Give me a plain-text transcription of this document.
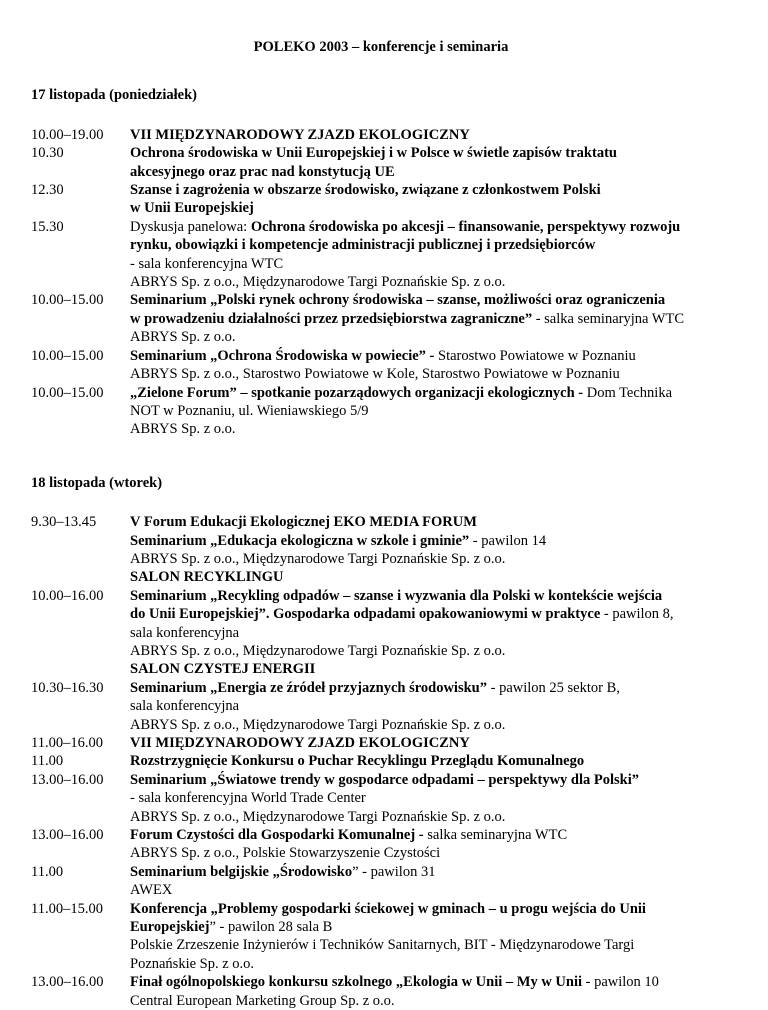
POLEKO 2003 – konferencje i seminaria
17 listopada (poniedziałek)
10.00–19.00	VII MIĘDZYNARODOWY ZJAZD EKOLOGICZNY
10.30	Ochrona środowiska w Unii Europejskiej i w Polsce w świetle zapisów traktatu
akcesyjnego oraz prac nad konstytucją UE
12.30	Szanse i zagrożenia w obszarze środowisko, związane z członkostwem Polski
w Unii Europejskiej
15.30	Dyskusja panelowa: Ochrona środowiska po akcesji – finansowanie, perspektywy rozwoju
rynku, obowiązki i kompetencje administracji publicznej i przedsiębiorców
- sala konferencyjna WTC
ABRYS Sp. z o.o., Międzynarodowe Targi Poznańskie Sp. z o.o.
10.00–15.00	Seminarium „Polski rynek ochrony środowiska – szanse, możliwości oraz ograniczenia
w prowadzeniu działalności przez przedsiębiorstwa zagraniczne” - salka seminaryjna WTC
ABRYS Sp. z o.o.
10.00–15.00	Seminarium „Ochrona Środowiska w powiecie” - Starostwo Powiatowe w Poznaniu
ABRYS Sp. z o.o., Starostwo Powiatowe w Kole, Starostwo Powiatowe w Poznaniu
10.00–15.00	„Zielone Forum” – spotkanie pozarządowych organizacji ekologicznych - Dom Technika
NOT w Poznaniu, ul. Wieniawskiego 5/9
ABRYS Sp. z o.o.
18 listopada (wtorek)
9.30–13.45	V Forum Edukacji Ekologicznej EKO MEDIA FORUM
Seminarium „Edukacja ekologiczna w szkole i gminie” - pawilon 14
ABRYS Sp. z o.o., Międzynarodowe Targi Poznańskie Sp. z o.o.
SALON RECYKLINGU
10.00–16.00	Seminarium „Recykling odpadów – szanse i wyzwania dla Polski w kontekście wejścia
do Unii Europejskiej”. Gospodarka odpadami opakowaniowymi w praktyce - pawilon 8,
sala konferencyjna
ABRYS Sp. z o.o., Międzynarodowe Targi Poznańskie Sp. z o.o.
SALON CZYSTEJ ENERGII
10.30–16.30	Seminarium „Energia ze źródeł przyjaznych środowisku” - pawilon 25 sektor B,
sala konferencyjna
ABRYS Sp. z o.o., Międzynarodowe Targi Poznańskie Sp. z o.o.
11.00–16.00	VII MIĘDZYNARODOWY ZJAZD EKOLOGICZNY
11.00	Rozstrzygnięcie Konkursu o Puchar Recyklingu Przeglądu Komunalnego
13.00–16.00	Seminarium „Światowe trendy w gospodarce odpadami – perspektywy dla Polski”
- sala konferencyjna World Trade Center
ABRYS Sp. z o.o., Międzynarodowe Targi Poznańskie Sp. z o.o.
13.00–16.00	Forum Czystości dla Gospodarki Komunalnej - salka seminaryjna WTC
ABRYS Sp. z o.o., Polskie Stowarzyszenie Czystości
11.00	Seminarium belgijskie „Środowisko” - pawilon 31
AWEX
11.00–15.00	Konferencja „Problemy gospodarki ściekowej w gminach – u progu wejścia do Unii
Europejskiej” - pawilon 28 sala B
Polskie Zrzeszenie Inżynierów i Techników Sanitarnych, BIT - Międzynarodowe Targi
Poznańskie Sp. z o.o.
13.00–16.00	Finał ogólnopolskiego konkursu szkolnego „Ekologia w Unii – My w Unii - pawilon 10
Central European Marketing Group Sp. z o.o.
